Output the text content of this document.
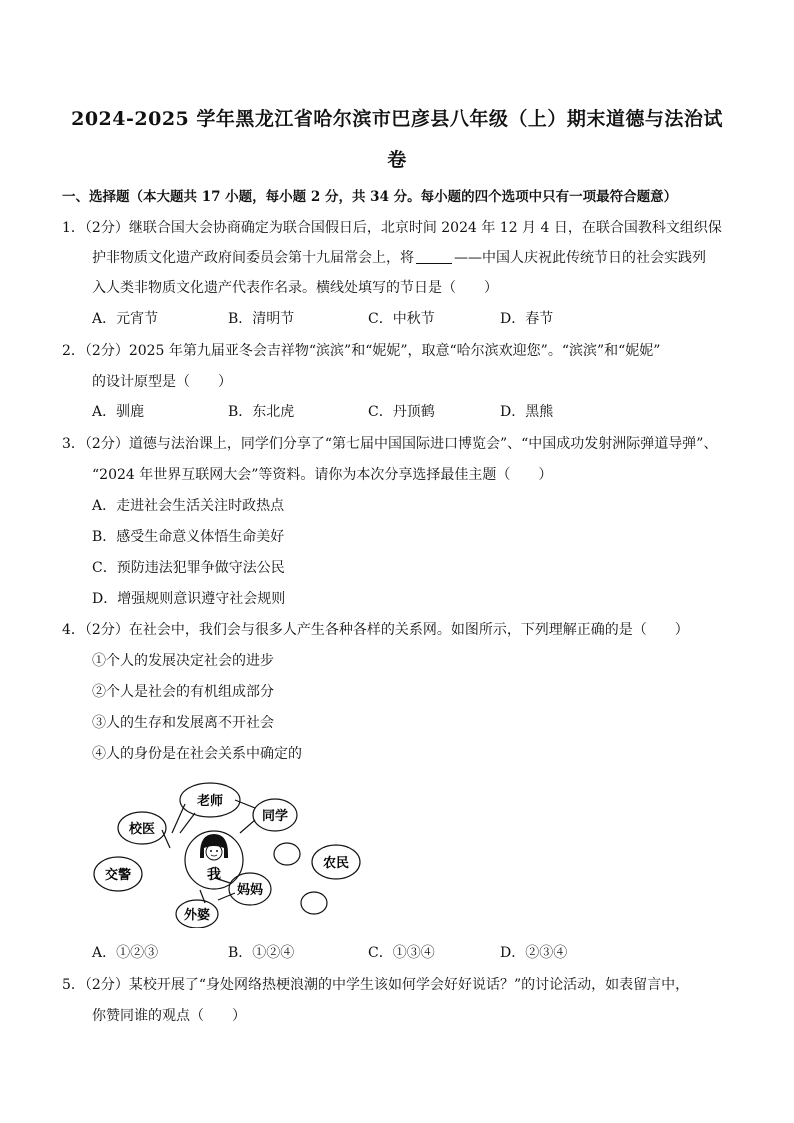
2024-2025 学年黑龙江省哈尔滨市巴彦县八年级（上）期末道德与法治试
卷
一、选择题（本大题共 17 小题，每小题 2 分，共 34 分。每小题的四个选项中只有一项最符合题意）
1．（2分）继联合国大会协商确定为联合国假日后，北京时间 2024 年 12 月 4 日，在联合国教科文组织保
护非物质文化遗产政府间委员会第十九届常会上，将	——中国人庆祝此传统节日的社会实践列
入人类非物质文化遗产代表作名录。横线处填写的节日是（　　）
A．元宵节	B．清明节	C．中秋节	D．春节
2．（2分）2025 年第九届亚冬会吉祥物“滨滨”和“妮妮”，取意“哈尔滨欢迎您”。“滨滨”和“妮妮”
的设计原型是（　　）
A．驯鹿	B．东北虎	C．丹顶鹤	D．黑熊
3．（2分）道德与法治课上，同学们分享了“第七届中国国际进口博览会”、“中国成功发射洲际弹道导弹”、
“2024 年世界互联网大会”等资料。请你为本次分享选择最佳主题（　　）
A．走进社会生活关注时政热点
B．感受生命意义体悟生命美好
C．预防违法犯罪争做守法公民
D．增强规则意识遵守社会规则
4．（2分）在社会中，我们会与很多人产生各种各样的关系网。如图所示，下列理解正确的是（　　）
①个人的发展决定社会的进步
②个人是社会的有机组成部分
③人的生存和发展离不开社会
④人的身份是在社会关系中确定的
老师
同学
校医
交警
农民
妈妈
外婆
我
A．①②③	B．①②④	C．①③④	D．②③④
5．（2分）某校开展了“身处网络热梗浪潮的中学生该如何学会好好说话？”的讨论活动，如表留言中，
你赞同谁的观点（　　）
